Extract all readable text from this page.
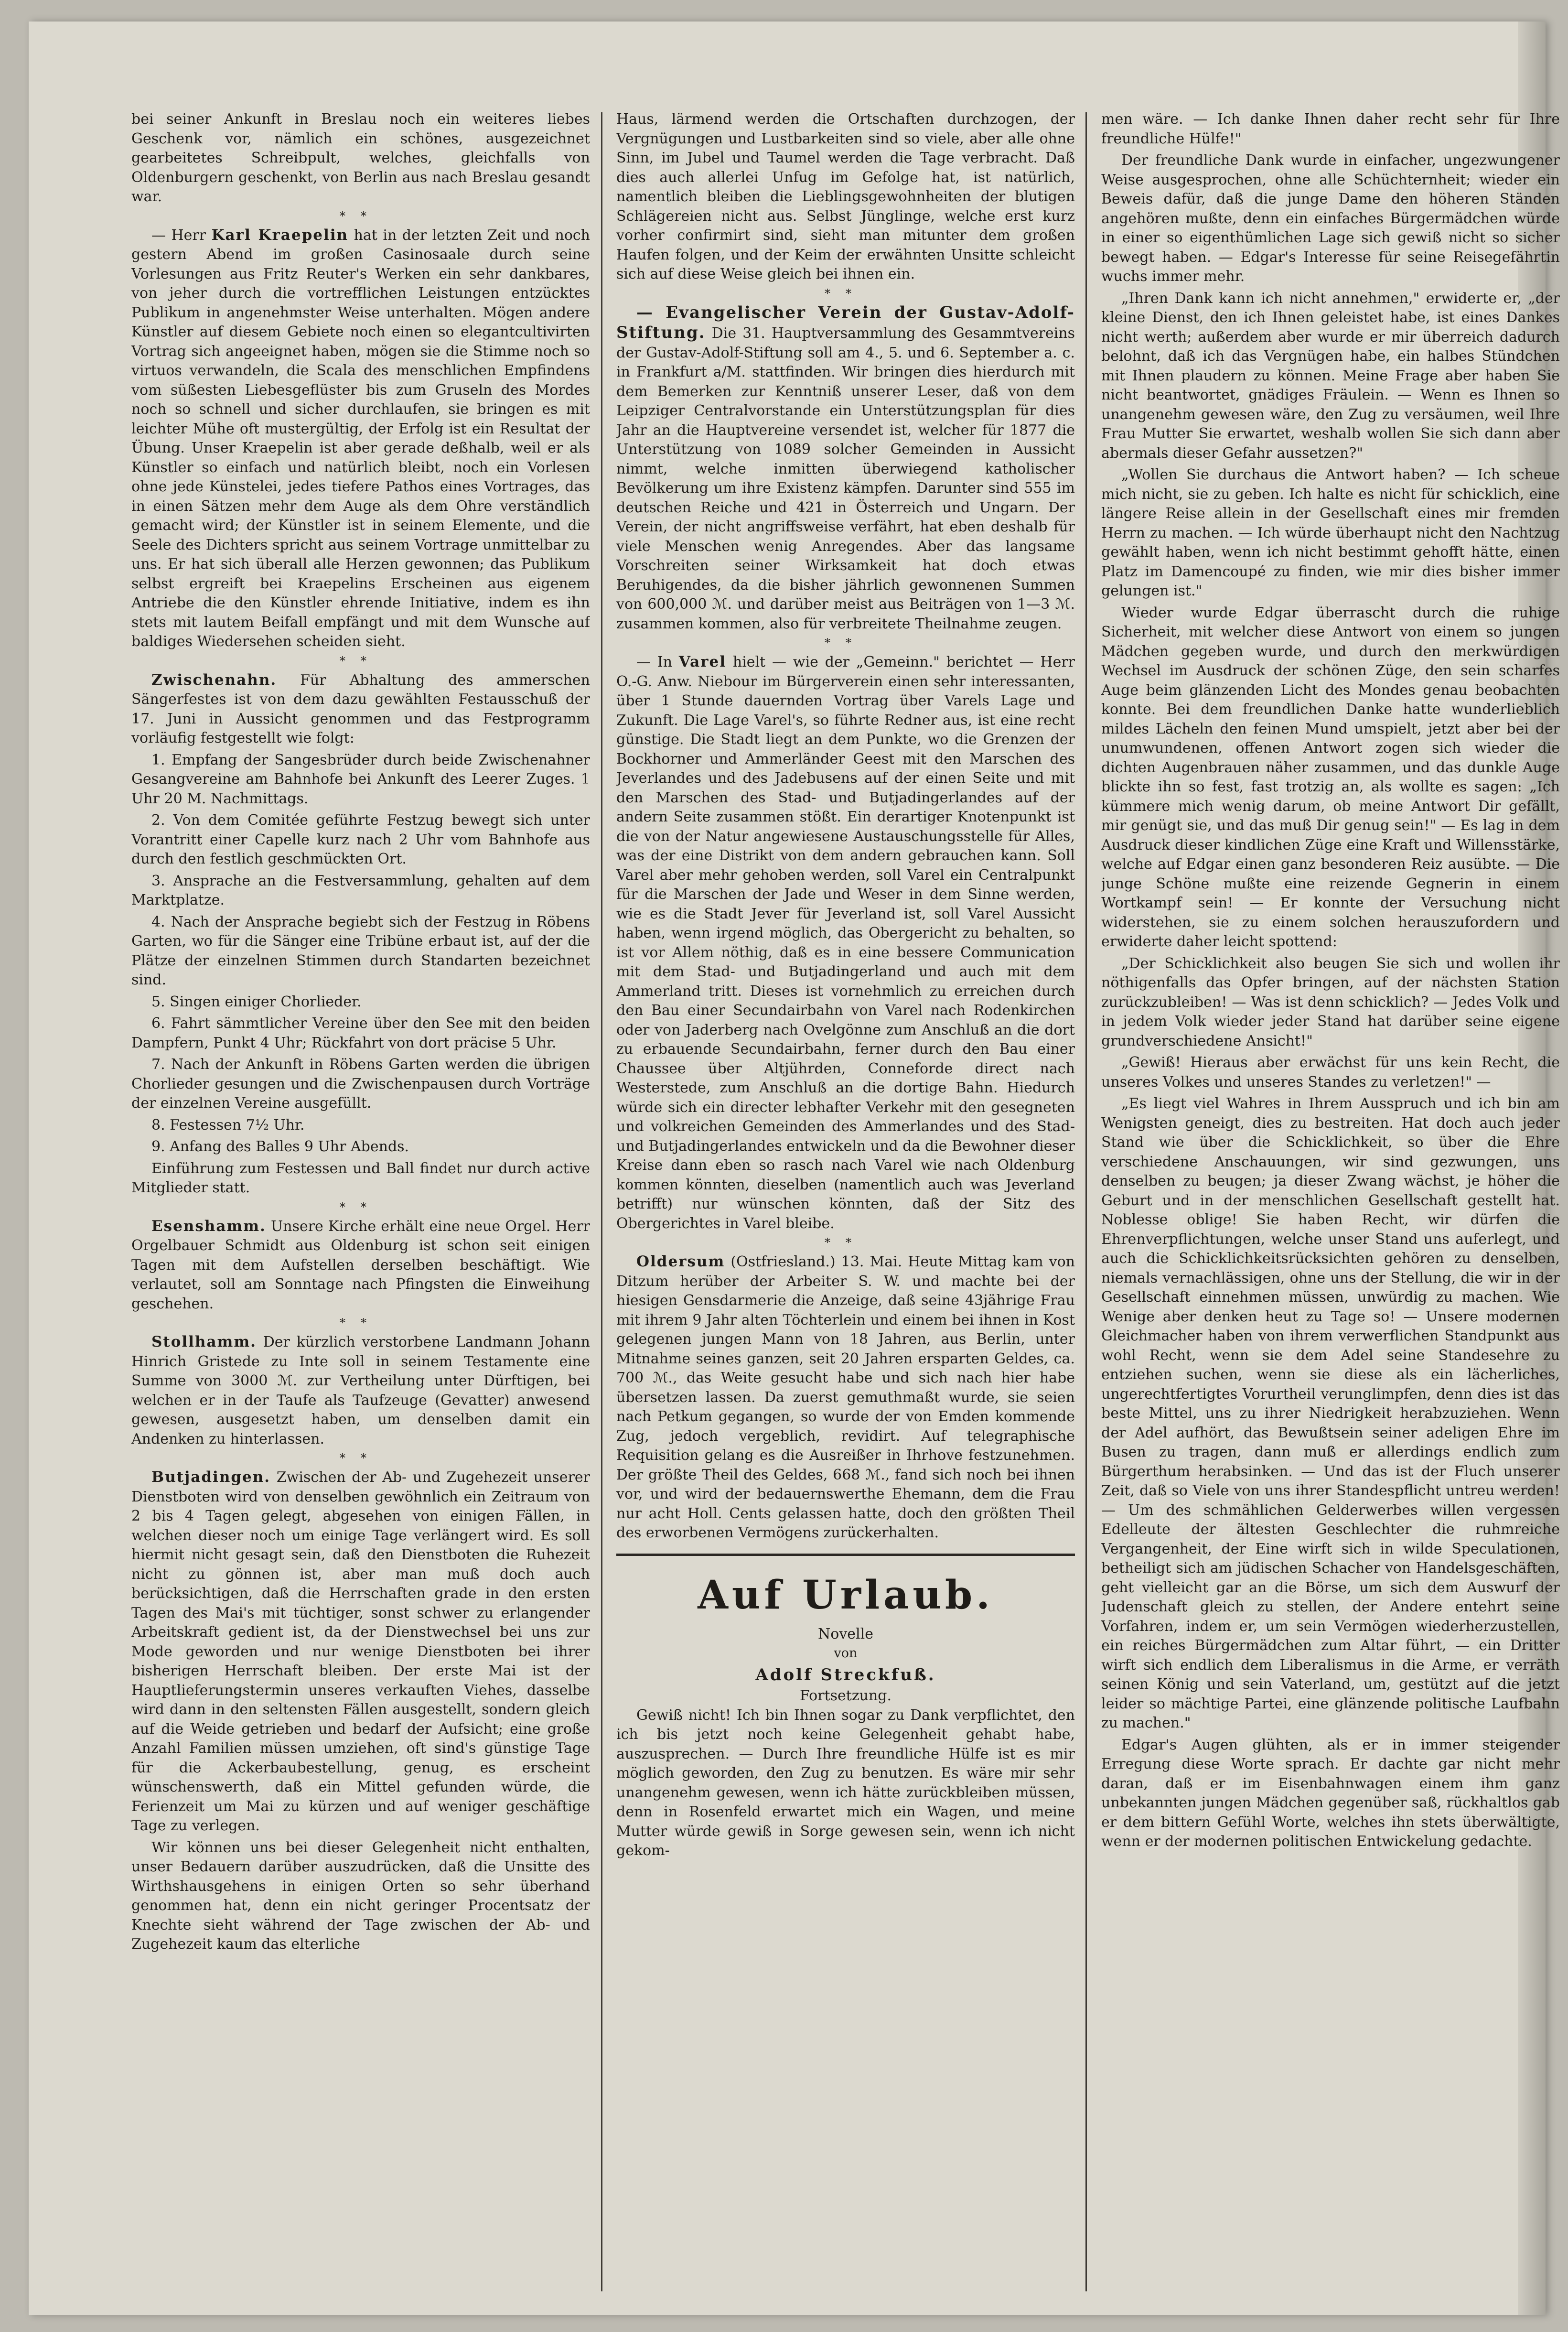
bei seiner Ankunft in Breslau noch ein weiteres liebes Geschenk vor, nämlich ein schönes, ausgezeichnet gearbeitetes Schreibpult, welches, gleichfalls von Oldenburgern geschenkt, von Berlin aus nach Breslau gesandt war.

**

— Herr Karl Kraepelin hat in der letzten Zeit und noch gestern Abend im großen Casinosaale durch seine Vorlesungen aus Fritz Reuter's Werken ein sehr dankbares, von jeher durch die vortrefflichen Leistungen entzücktes Publikum in angenehmster Weise unterhalten. Mögen andere Künstler auf diesem Gebiete noch einen so elegantcultivirten Vortrag sich angeeignet haben, mögen sie die Stimme noch so virtuos verwandeln, die Scala des menschlichen Empfindens vom süßesten Liebesgeflüster bis zum Gruseln des Mordes noch so schnell und sicher durchlaufen, sie bringen es mit leichter Mühe oft mustergültig, der Erfolg ist ein Resultat der Übung. Unser Kraepelin ist aber gerade deßhalb, weil er als Künstler so einfach und natürlich bleibt, noch ein Vorlesen ohne jede Künstelei, jedes tiefere Pathos eines Vortrages, das in einen Sätzen mehr dem Auge als dem Ohre verständlich gemacht wird; der Künstler ist in seinem Elemente, und die Seele des Dichters spricht aus seinem Vortrage unmittelbar zu uns. Er hat sich überall alle Herzen gewonnen; das Publikum selbst ergreift bei Kraepelins Erscheinen aus eigenem Antriebe die den Künstler ehrende Initiative, indem es ihn stets mit lautem Beifall empfängt und mit dem Wunsche auf baldiges Wiedersehen scheiden sieht.

**

Zwischenahn. Für Abhaltung des ammerschen Sängerfestes ist von dem dazu gewählten Festausschuß der 17. Juni in Aussicht genommen und das Festprogramm vorläufig festgestellt wie folgt:

1. Empfang der Sangesbrüder durch beide Zwischenahner Gesangvereine am Bahnhofe bei Ankunft des Leerer Zuges. 1 Uhr 20 M. Nachmittags.

2. Von dem Comitée geführte Festzug bewegt sich unter Vorantritt einer Capelle kurz nach 2 Uhr vom Bahnhofe aus durch den festlich geschmückten Ort.

3. Ansprache an die Festversammlung, gehalten auf dem Marktplatze.

4. Nach der Ansprache begiebt sich der Festzug in Röbens Garten, wo für die Sänger eine Tribüne erbaut ist, auf der die Plätze der einzelnen Stimmen durch Standarten bezeichnet sind.

5. Singen einiger Chorlieder.

6. Fahrt sämmtlicher Vereine über den See mit den beiden Dampfern, Punkt 4 Uhr; Rückfahrt von dort präcise 5 Uhr.

7. Nach der Ankunft in Röbens Garten werden die übrigen Chorlieder gesungen und die Zwischenpausen durch Vorträge der einzelnen Vereine ausgefüllt.

8. Festessen 7½ Uhr.

9. Anfang des Balles 9 Uhr Abends.

Einführung zum Festessen und Ball findet nur durch active Mitglieder statt.

**

Esenshamm. Unsere Kirche erhält eine neue Orgel. Herr Orgelbauer Schmidt aus Oldenburg ist schon seit einigen Tagen mit dem Aufstellen derselben beschäftigt. Wie verlautet, soll am Sonntage nach Pfingsten die Einweihung geschehen.

**

Stollhamm. Der kürzlich verstorbene Landmann Johann Hinrich Gristede zu Inte soll in seinem Testamente eine Summe von 3000 ℳ. zur Vertheilung unter Dürftigen, bei welchen er in der Taufe als Taufzeuge (Gevatter) anwesend gewesen, ausgesetzt haben, um denselben damit ein Andenken zu hinterlassen.

**

Butjadingen. Zwischen der Ab- und Zugehezeit unserer Dienstboten wird von denselben gewöhnlich ein Zeitraum von 2 bis 4 Tagen gelegt, abgesehen von einigen Fällen, in welchen dieser noch um einige Tage verlängert wird. Es soll hiermit nicht gesagt sein, daß den Dienstboten die Ruhezeit nicht zu gönnen ist, aber man muß doch auch berücksichtigen, daß die Herrschaften grade in den ersten Tagen des Mai's mit tüchtiger, sonst schwer zu erlangender Arbeitskraft gedient ist, da der Dienstwechsel bei uns zur Mode geworden und nur wenige Dienstboten bei ihrer bisherigen Herrschaft bleiben. Der erste Mai ist der Hauptlieferungstermin unseres verkauften Viehes, dasselbe wird dann in den seltensten Fällen ausgestellt, sondern gleich auf die Weide getrieben und bedarf der Aufsicht; eine große Anzahl Familien müssen umziehen, oft sind's günstige Tage für die Ackerbaubestellung, genug, es erscheint wünschenswerth, daß ein Mittel gefunden würde, die Ferienzeit um Mai zu kürzen und auf weniger geschäftige Tage zu verlegen.

Wir können uns bei dieser Gelegenheit nicht enthalten, unser Bedauern darüber auszudrücken, daß die Unsitte des Wirthshausgehens in einigen Orten so sehr überhand genommen hat, denn ein nicht geringer Procentsatz der Knechte sieht während der Tage zwischen der Ab- und Zugehezeit kaum das elterliche

Haus, lärmend werden die Ortschaften durchzogen, der Vergnügungen und Lustbarkeiten sind so viele, aber alle ohne Sinn, im Jubel und Taumel werden die Tage verbracht. Daß dies auch allerlei Unfug im Gefolge hat, ist natürlich, namentlich bleiben die Lieblingsgewohnheiten der blutigen Schlägereien nicht aus. Selbst Jünglinge, welche erst kurz vorher confirmirt sind, sieht man mitunter dem großen Haufen folgen, und der Keim der erwähnten Unsitte schleicht sich auf diese Weise gleich bei ihnen ein.

**

— Evangelischer Verein der Gustav-Adolf-Stiftung. Die 31. Hauptversammlung des Gesammtvereins der Gustav-Adolf-Stiftung soll am 4., 5. und 6. September a. c. in Frankfurt a/M. stattfinden. Wir bringen dies hierdurch mit dem Bemerken zur Kenntniß unserer Leser, daß von dem Leipziger Centralvorstande ein Unterstützungsplan für dies Jahr an die Hauptvereine versendet ist, welcher für 1877 die Unterstützung von 1089 solcher Gemeinden in Aussicht nimmt, welche inmitten überwiegend katholischer Bevölkerung um ihre Existenz kämpfen. Darunter sind 555 im deutschen Reiche und 421 in Österreich und Ungarn. Der Verein, der nicht angriffsweise verfährt, hat eben deshalb für viele Menschen wenig Anregendes. Aber das langsame Vorschreiten seiner Wirksamkeit hat doch etwas Beruhigendes, da die bisher jährlich gewonnenen Summen von 600,000 ℳ. und darüber meist aus Beiträgen von 1—3 ℳ. zusammen kommen, also für verbreitete Theilnahme zeugen.

**

— In Varel hielt — wie der „Gemeinn." berichtet — Herr O.-G. Anw. Niebour im Bürgerverein einen sehr interessanten, über 1 Stunde dauernden Vortrag über Varels Lage und Zukunft. Die Lage Varel's, so führte Redner aus, ist eine recht günstige. Die Stadt liegt an dem Punkte, wo die Grenzen der Bockhorner und Ammerländer Geest mit den Marschen des Jeverlandes und des Jadebusens auf der einen Seite und mit den Marschen des Stad- und Butjadingerlandes auf der andern Seite zusammen stößt. Ein derartiger Knotenpunkt ist die von der Natur angewiesene Austauschungsstelle für Alles, was der eine Distrikt von dem andern gebrauchen kann. Soll Varel aber mehr gehoben werden, soll Varel ein Centralpunkt für die Marschen der Jade und Weser in dem Sinne werden, wie es die Stadt Jever für Jeverland ist, soll Varel Aussicht haben, wenn irgend möglich, das Obergericht zu behalten, so ist vor Allem nöthig, daß es in eine bessere Communication mit dem Stad- und Butjadingerland und auch mit dem Ammerland tritt. Dieses ist vornehmlich zu erreichen durch den Bau einer Secundairbahn von Varel nach Rodenkirchen oder von Jaderberg nach Ovelgönne zum Anschluß an die dort zu erbauende Secundairbahn, ferner durch den Bau einer Chaussee über Altjührden, Conneforde direct nach Westerstede, zum Anschluß an die dortige Bahn. Hiedurch würde sich ein directer lebhafter Verkehr mit den gesegneten und volkreichen Gemeinden des Ammerlandes und des Stad- und Butjadingerlandes entwickeln und da die Bewohner dieser Kreise dann eben so rasch nach Varel wie nach Oldenburg kommen könnten, dieselben (namentlich auch was Jeverland betrifft) nur wünschen könnten, daß der Sitz des Obergerichtes in Varel bleibe.

**

Oldersum (Ostfriesland.) 13. Mai. Heute Mittag kam von Ditzum herüber der Arbeiter S. W. und machte bei der hiesigen Gensdarmerie die Anzeige, daß seine 43jährige Frau mit ihrem 9 Jahr alten Töchterlein und einem bei ihnen in Kost gelegenen jungen Mann von 18 Jahren, aus Berlin, unter Mitnahme seines ganzen, seit 20 Jahren ersparten Geldes, ca. 700 ℳ., das Weite gesucht habe und sich nach hier habe übersetzen lassen. Da zuerst gemuthmaßt wurde, sie seien nach Petkum gegangen, so wurde der von Emden kommende Zug, jedoch vergeblich, revidirt. Auf telegraphische Requisition gelang es die Ausreißer in Ihrhove festzunehmen. Der größte Theil des Geldes, 668 ℳ., fand sich noch bei ihnen vor, und wird der bedauernswerthe Ehemann, dem die Frau nur acht Holl. Cents gelassen hatte, doch den größten Theil des erworbenen Vermögens zurückerhalten.

Auf Urlaub.

Novelle

von

Adolf Streckfuß.

Fortsetzung.

Gewiß nicht! Ich bin Ihnen sogar zu Dank verpflichtet, den ich bis jetzt noch keine Gelegenheit gehabt habe, auszusprechen. — Durch Ihre freundliche Hülfe ist es mir möglich geworden, den Zug zu benutzen. Es wäre mir sehr unangenehm gewesen, wenn ich hätte zurückbleiben müssen, denn in Rosenfeld erwartet mich ein Wagen, und meine Mutter würde gewiß in Sorge gewesen sein, wenn ich nicht gekom-

men wäre. — Ich danke Ihnen daher recht sehr für Ihre freundliche Hülfe!"

Der freundliche Dank wurde in einfacher, ungezwungener Weise ausgesprochen, ohne alle Schüchternheit; wieder ein Beweis dafür, daß die junge Dame den höheren Ständen angehören mußte, denn ein einfaches Bürgermädchen würde in einer so eigenthümlichen Lage sich gewiß nicht so sicher bewegt haben. — Edgar's Interesse für seine Reisegefährtin wuchs immer mehr.

„Ihren Dank kann ich nicht annehmen," erwiderte er, „der kleine Dienst, den ich Ihnen geleistet habe, ist eines Dankes nicht werth; außerdem aber wurde er mir überreich dadurch belohnt, daß ich das Vergnügen habe, ein halbes Stündchen mit Ihnen plaudern zu können. Meine Frage aber haben Sie nicht beantwortet, gnädiges Fräulein. — Wenn es Ihnen so unangenehm gewesen wäre, den Zug zu versäumen, weil Ihre Frau Mutter Sie erwartet, weshalb wollen Sie sich dann aber abermals dieser Gefahr aussetzen?"

„Wollen Sie durchaus die Antwort haben? — Ich scheue mich nicht, sie zu geben. Ich halte es nicht für schicklich, eine längere Reise allein in der Gesellschaft eines mir fremden Herrn zu machen. — Ich würde überhaupt nicht den Nachtzug gewählt haben, wenn ich nicht bestimmt gehofft hätte, einen Platz im Damencoupé zu finden, wie mir dies bisher immer gelungen ist."

Wieder wurde Edgar überrascht durch die ruhige Sicherheit, mit welcher diese Antwort von einem so jungen Mädchen gegeben wurde, und durch den merkwürdigen Wechsel im Ausdruck der schönen Züge, den sein scharfes Auge beim glänzenden Licht des Mondes genau beobachten konnte. Bei dem freundlichen Danke hatte wunderlieblich mildes Lächeln den feinen Mund umspielt, jetzt aber bei der unumwundenen, offenen Antwort zogen sich wieder die dichten Augenbrauen näher zusammen, und das dunkle Auge blickte ihn so fest, fast trotzig an, als wollte es sagen: „Ich kümmere mich wenig darum, ob meine Antwort Dir gefällt, mir genügt sie, und das muß Dir genug sein!" — Es lag in dem Ausdruck dieser kindlichen Züge eine Kraft und Willensstärke, welche auf Edgar einen ganz besonderen Reiz ausübte. — Die junge Schöne mußte eine reizende Gegnerin in einem Wortkampf sein! — Er konnte der Versuchung nicht widerstehen, sie zu einem solchen herauszufordern und erwiderte daher leicht spottend:

„Der Schicklichkeit also beugen Sie sich und wollen ihr nöthigenfalls das Opfer bringen, auf der nächsten Station zurückzubleiben! — Was ist denn schicklich? — Jedes Volk und in jedem Volk wieder jeder Stand hat darüber seine eigene grundverschiedene Ansicht!"

„Gewiß! Hieraus aber erwächst für uns kein Recht, die unseres Volkes und unseres Standes zu verletzen!" —

„Es liegt viel Wahres in Ihrem Ausspruch und ich bin am Wenigsten geneigt, dies zu bestreiten. Hat doch auch jeder Stand wie über die Schicklichkeit, so über die Ehre verschiedene Anschauungen, wir sind gezwungen, uns denselben zu beugen; ja dieser Zwang wächst, je höher die Geburt und in der menschlichen Gesellschaft gestellt hat. Noblesse oblige! Sie haben Recht, wir dürfen die Ehrenverpflichtungen, welche unser Stand uns auferlegt, und auch die Schicklichkeitsrücksichten gehören zu denselben, niemals vernachlässigen, ohne uns der Stellung, die wir in der Gesellschaft einnehmen müssen, unwürdig zu machen. Wie Wenige aber denken heut zu Tage so! — Unsere modernen Gleichmacher haben von ihrem verwerflichen Standpunkt aus wohl Recht, wenn sie dem Adel seine Standesehre zu entziehen suchen, wenn sie diese als ein lächerliches, ungerechtfertigtes Vorurtheil verunglimpfen, denn dies ist das beste Mittel, uns zu ihrer Niedrigkeit herabzuziehen. Wenn der Adel aufhört, das Bewußtsein seiner adeligen Ehre im Busen zu tragen, dann muß er allerdings endlich zum Bürgerthum herabsinken. — Und das ist der Fluch unserer Zeit, daß so Viele von uns ihrer Standespflicht untreu werden! — Um des schmählichen Gelderwerbes willen vergessen Edelleute der ältesten Geschlechter die ruhmreiche Vergangenheit, der Eine wirft sich in wilde Speculationen, betheiligt sich am jüdischen Schacher von Handelsgeschäften, geht vielleicht gar an die Börse, um sich dem Auswurf der Judenschaft gleich zu stellen, der Andere entehrt seine Vorfahren, indem er, um sein Vermögen wiederherzustellen, ein reiches Bürgermädchen zum Altar führt, — ein Dritter wirft sich endlich dem Liberalismus in die Arme, er verräth seinen König und sein Vaterland, um, gestützt auf die jetzt leider so mächtige Partei, eine glänzende politische Laufbahn zu machen."

Edgar's Augen glühten, als er in immer steigender Erregung diese Worte sprach. Er dachte gar nicht mehr daran, daß er im Eisenbahnwagen einem ihm ganz unbekannten jungen Mädchen gegenüber saß, rückhaltlos gab er dem bittern Gefühl Worte, welches ihn stets überwältigte, wenn er der modernen politischen Entwickelung gedachte.
